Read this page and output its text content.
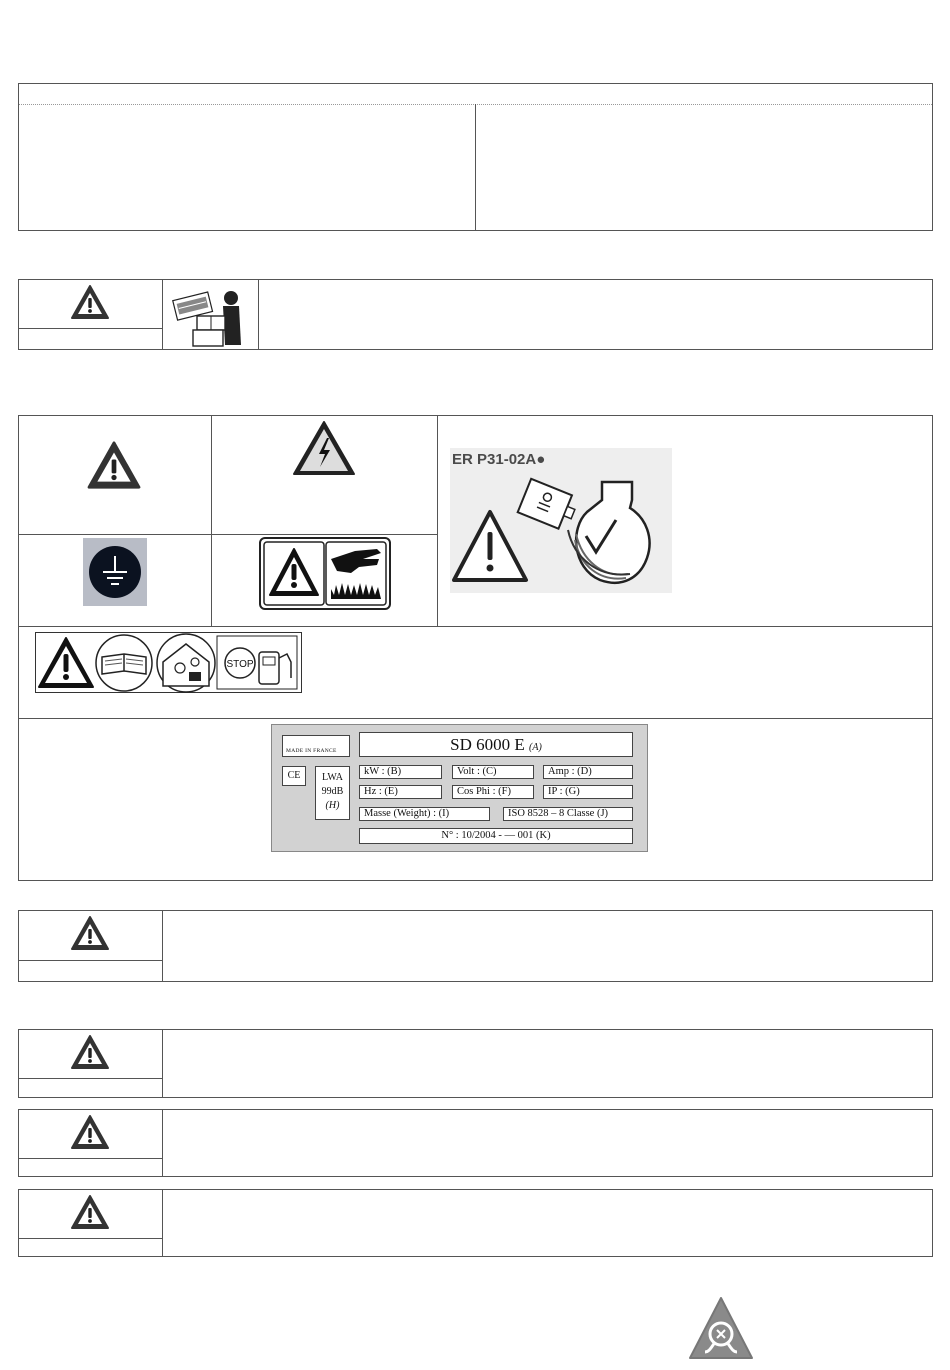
ER P31-02A●
STOP
MADE IN FRANCE	SD 6000 E (A)
CE	LWA
99dB
(H)
kW : (B)	Volt : (C)	Amp : (D)
Hz : (E)	Cos Phi : (F)	IP : (G)
Masse (Weight) : (I)	ISO 8528 – 8 Classe (J)
N° : 10/2004 - — 001 (K)
